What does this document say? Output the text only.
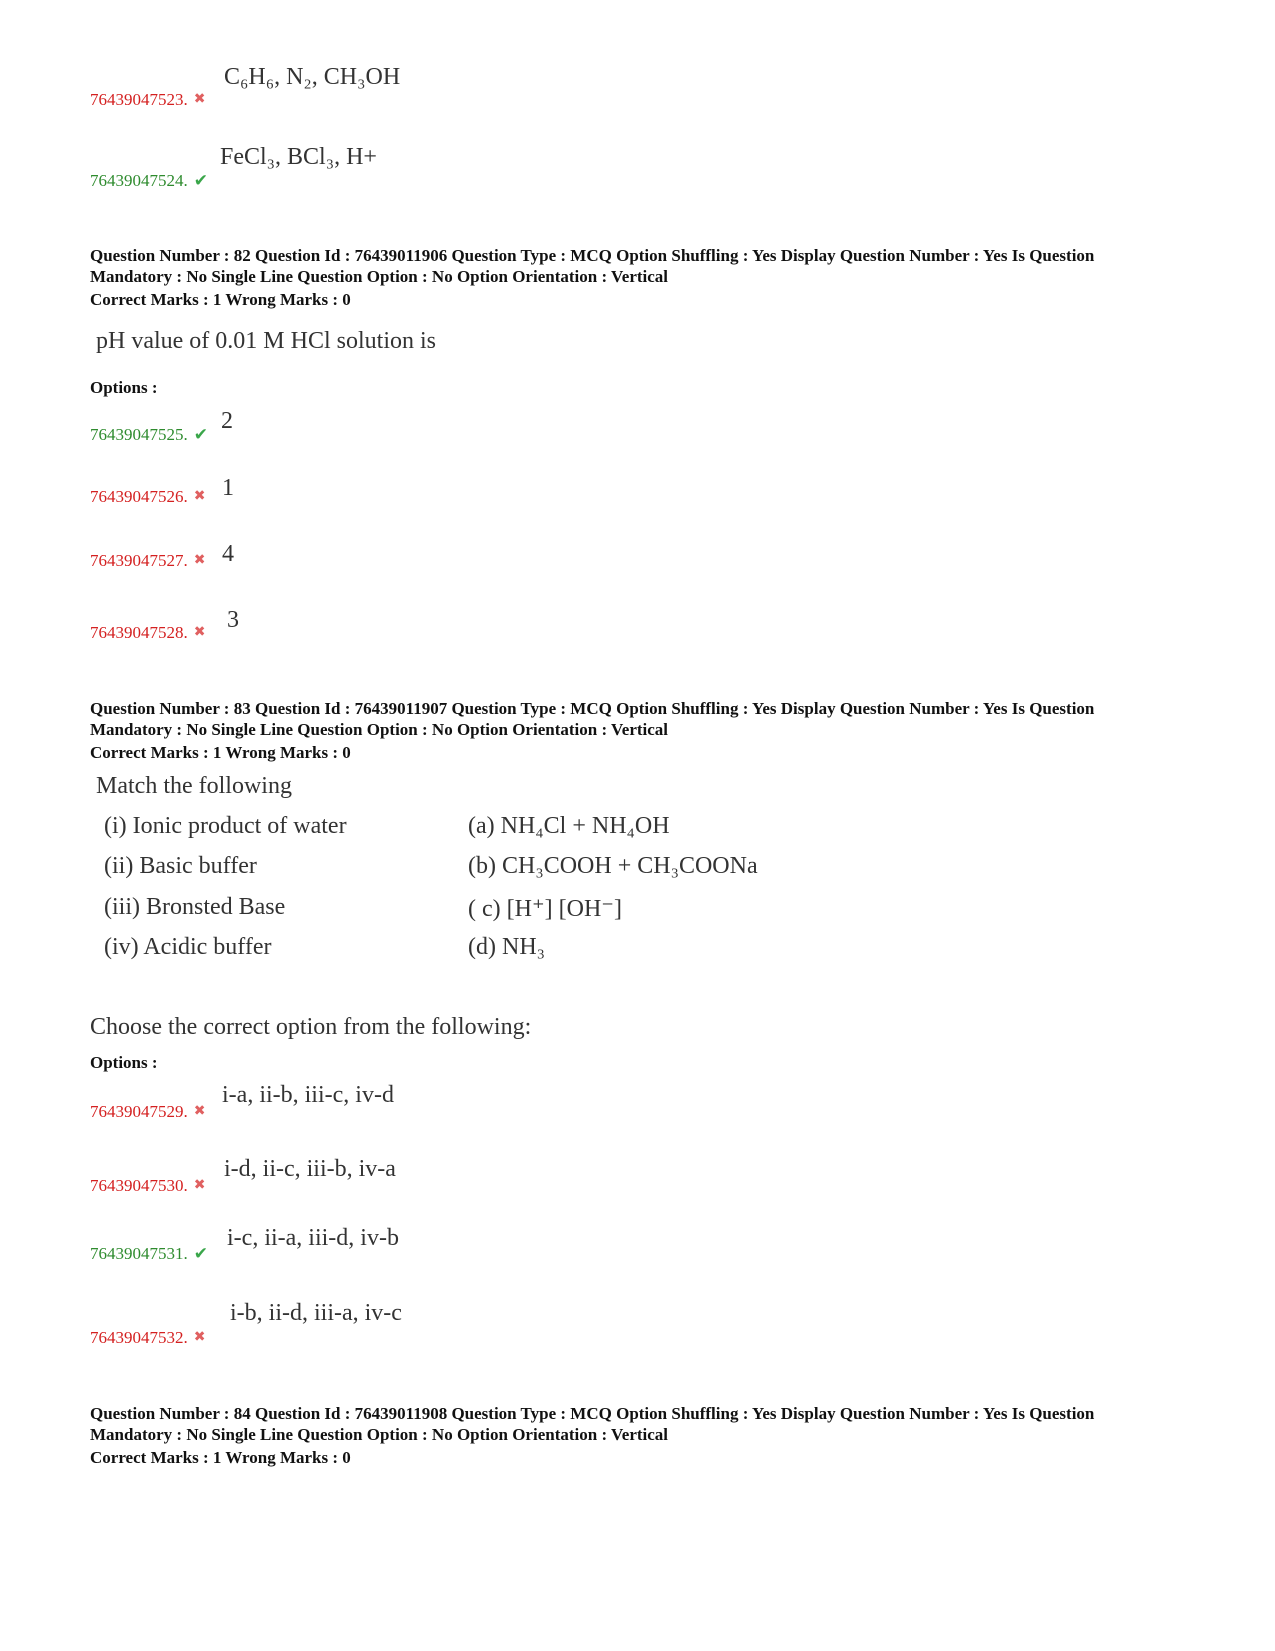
76439047523. ✖
C₆H₆, N₂, CH₃OH
76439047524. ✔
FeCl₃, BCl₃, H+
Question Number : 82 Question Id : 76439011906 Question Type : MCQ Option Shuffling : Yes Display Question Number : Yes Is Question
Mandatory : No Single Line Question Option : No Option Orientation : Vertical
Correct Marks : 1 Wrong Marks : 0
pH value of 0.01 M HCl solution is
Options :
76439047525. ✔
2
76439047526. ✖ 1
76439047527. ✖ 4
76439047528. ✖ 3
Question Number : 83 Question Id : 76439011907 Question Type : MCQ Option Shuffling : Yes Display Question Number : Yes Is Question
Mandatory : No Single Line Question Option : No Option Orientation : Vertical
Correct Marks : 1 Wrong Marks : 0
Match the following
(i) Ionic product of water
(ii) Basic buffer
(iii) Bronsted Base
(iv) Acidic buffer
(a) NH₄Cl + NH₄OH
(b) CH₃COOH + CH₃COONa
( c) [H⁺] [OH⁻]
(d) NH₃
Choose the correct option from the following:
Options :
76439047529. ✖
i-a, ii-b, iii-c, iv-d
76439047530. ✖
i-d, ii-c, iii-b, iv-a
76439047531. ✔
i-c, ii-a, iii-d, iv-b
76439047532. ✖
i-b, ii-d, iii-a, iv-c
Question Number : 84 Question Id : 76439011908 Question Type : MCQ Option Shuffling : Yes Display Question Number : Yes Is Question
Mandatory : No Single Line Question Option : No Option Orientation : Vertical
Correct Marks : 1 Wrong Marks : 0
